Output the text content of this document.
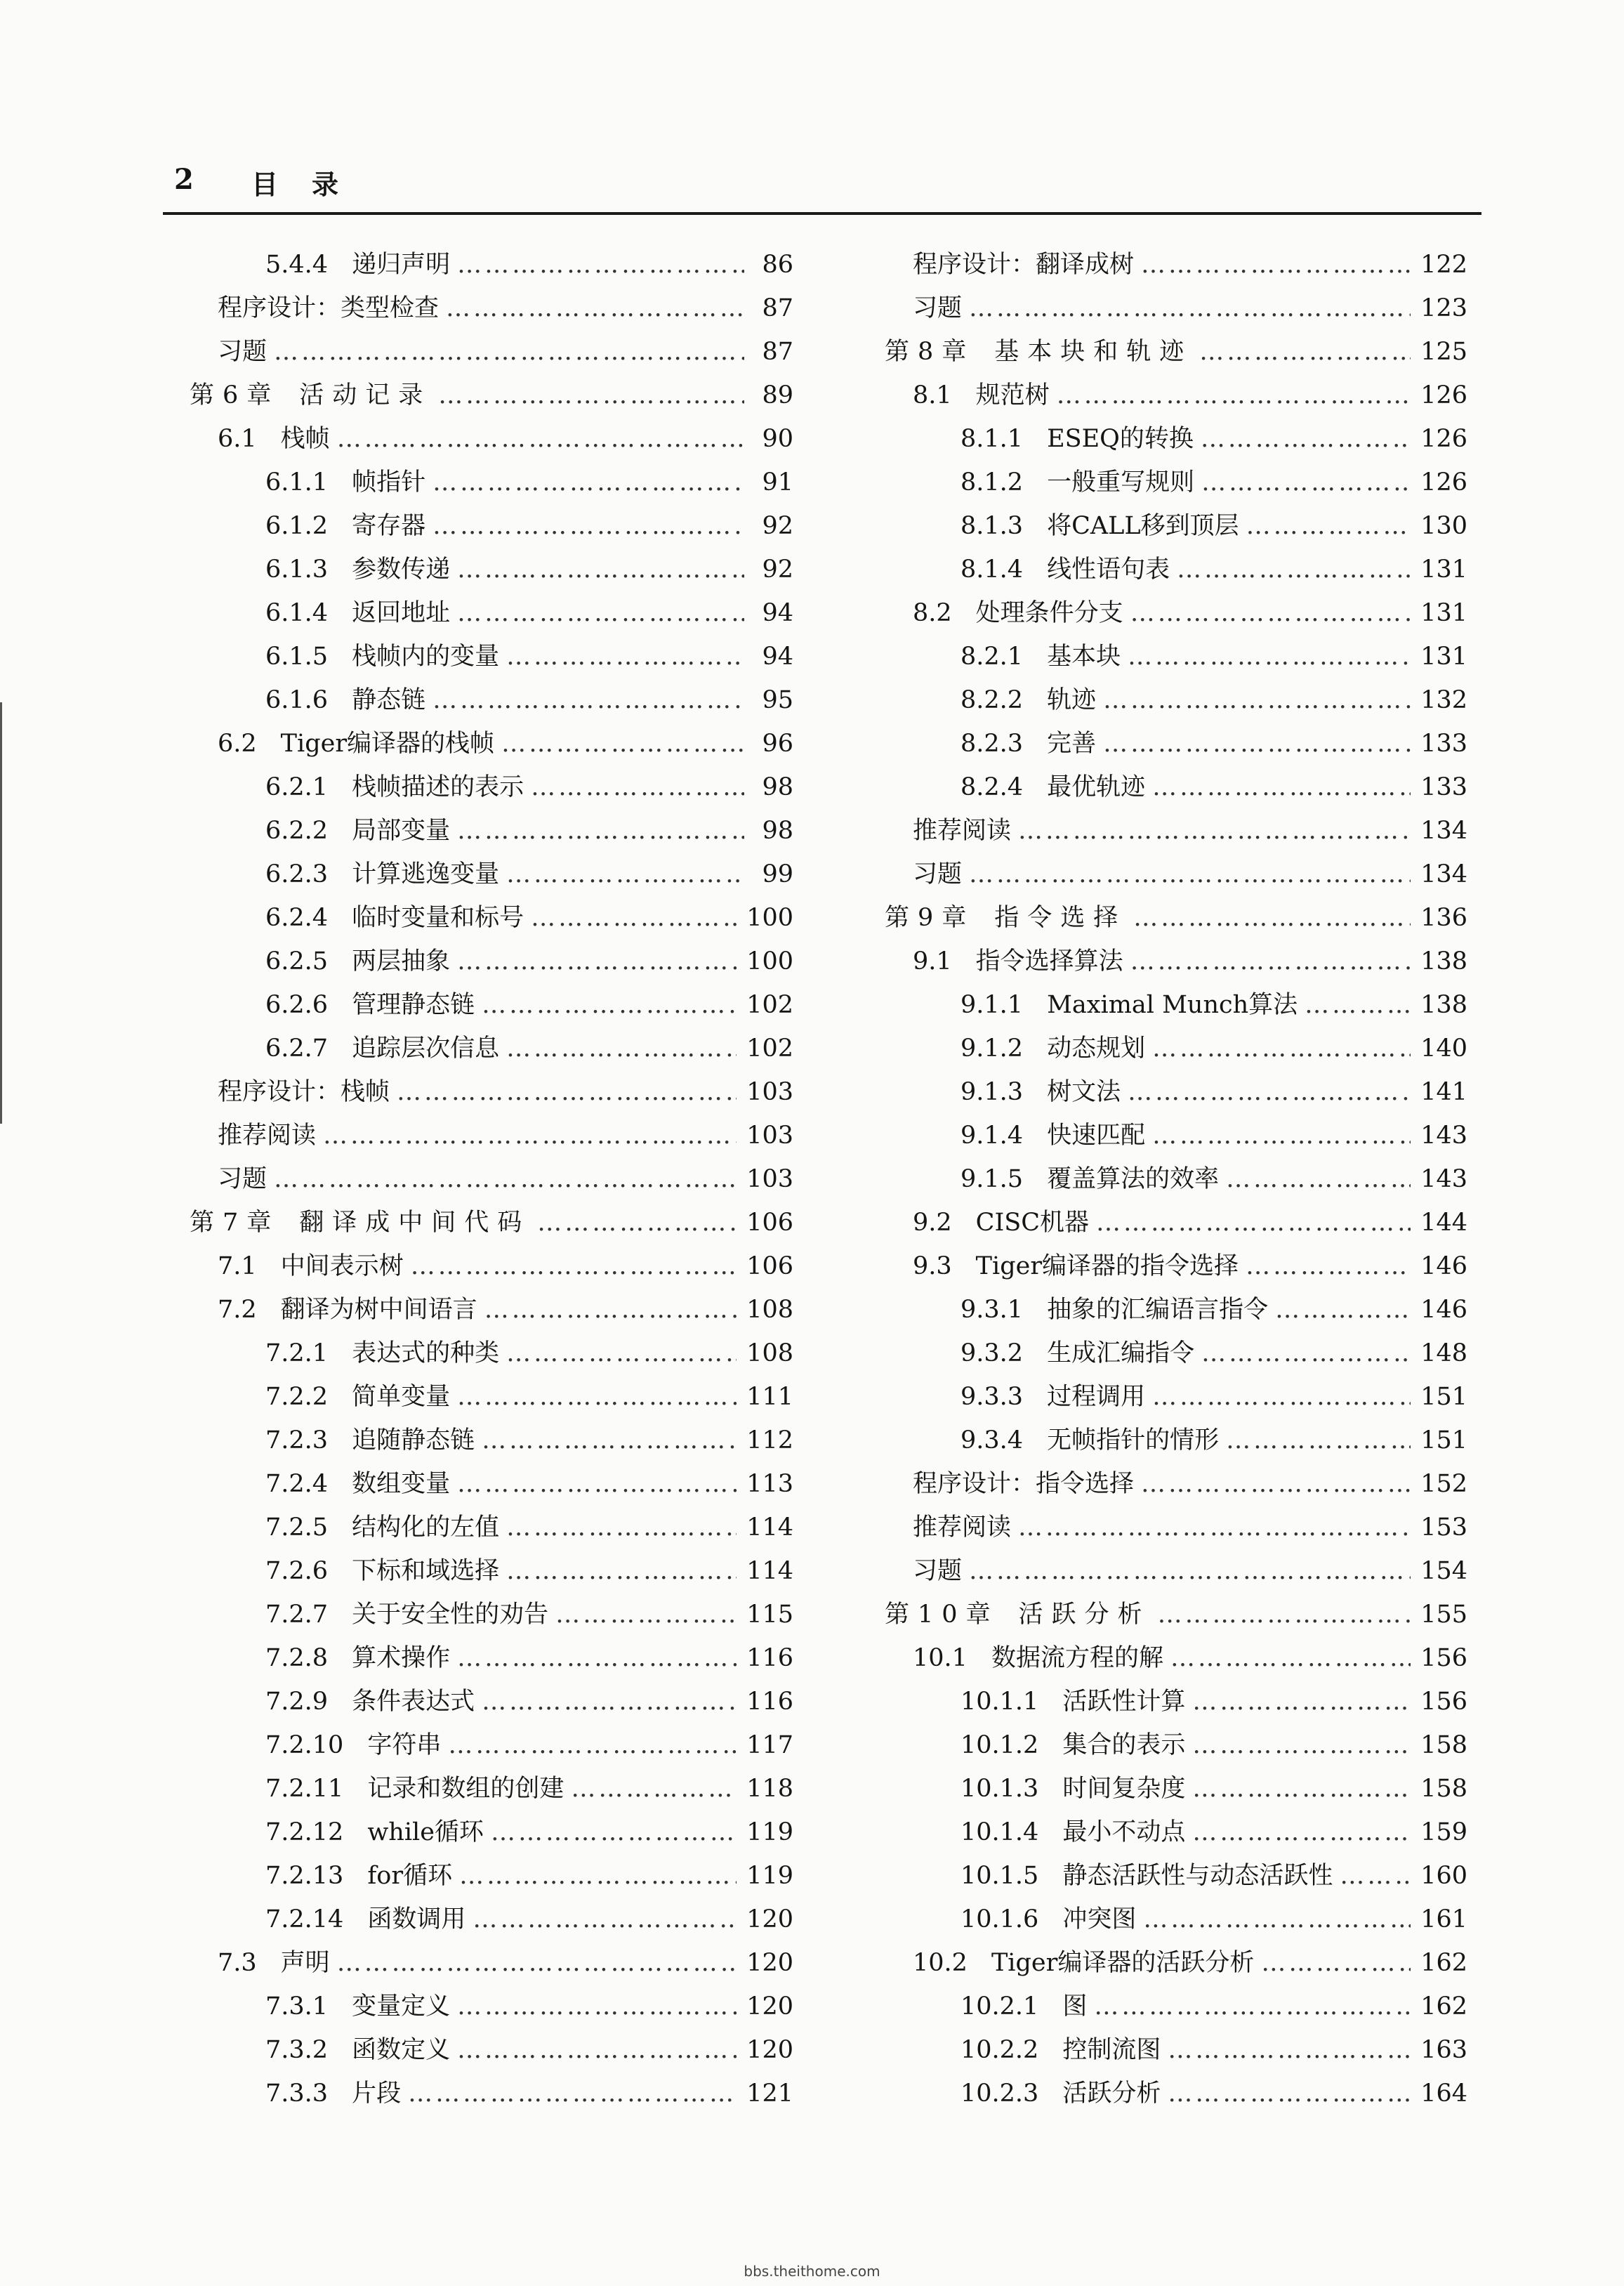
2 目录
5.4.4 递归声明 ………………………………………………………………………………………………………………………………………………	86
程序设计：类型检查 ………………………………………………………………………………………………………………………………………………	87
习题 ………………………………………………………………………………………………………………………………………………	87
第6章 活动记录 ………………………………………………………………………………………………………………………………………………	89
6.1 栈帧 ………………………………………………………………………………………………………………………………………………	90
6.1.1 帧指针 ………………………………………………………………………………………………………………………………………………	91
6.1.2 寄存器 ………………………………………………………………………………………………………………………………………………	92
6.1.3 参数传递 ………………………………………………………………………………………………………………………………………………	92
6.1.4 返回地址 ………………………………………………………………………………………………………………………………………………	94
6.1.5 栈帧内的变量 ………………………………………………………………………………………………………………………………………………	94
6.1.6 静态链 ………………………………………………………………………………………………………………………………………………	95
6.2 Tiger编译器的栈帧 ………………………………………………………………………………………………………………………………………………	96
6.2.1 栈帧描述的表示 ………………………………………………………………………………………………………………………………………………	98
6.2.2 局部变量 ………………………………………………………………………………………………………………………………………………	98
6.2.3 计算逃逸变量 ………………………………………………………………………………………………………………………………………………	99
6.2.4 临时变量和标号 ………………………………………………………………………………………………………………………………………………	100
6.2.5 两层抽象 ………………………………………………………………………………………………………………………………………………	100
6.2.6 管理静态链 ………………………………………………………………………………………………………………………………………………	102
6.2.7 追踪层次信息 ………………………………………………………………………………………………………………………………………………	102
程序设计：栈帧 ………………………………………………………………………………………………………………………………………………	103
推荐阅读 ………………………………………………………………………………………………………………………………………………	103
习题 ………………………………………………………………………………………………………………………………………………	103
第7章 翻译成中间代码 ………………………………………………………………………………………………………………………………………………	106
7.1 中间表示树 ………………………………………………………………………………………………………………………………………………	106
7.2 翻译为树中间语言 ………………………………………………………………………………………………………………………………………………	108
7.2.1 表达式的种类 ………………………………………………………………………………………………………………………………………………	108
7.2.2 简单变量 ………………………………………………………………………………………………………………………………………………	111
7.2.3 追随静态链 ………………………………………………………………………………………………………………………………………………	112
7.2.4 数组变量 ………………………………………………………………………………………………………………………………………………	113
7.2.5 结构化的左值 ………………………………………………………………………………………………………………………………………………	114
7.2.6 下标和域选择 ………………………………………………………………………………………………………………………………………………	114
7.2.7 关于安全性的劝告 ………………………………………………………………………………………………………………………………………………	115
7.2.8 算术操作 ………………………………………………………………………………………………………………………………………………	116
7.2.9 条件表达式 ………………………………………………………………………………………………………………………………………………	116
7.2.10 字符串 ………………………………………………………………………………………………………………………………………………	117
7.2.11 记录和数组的创建 ………………………………………………………………………………………………………………………………………………	118
7.2.12 while循环 ………………………………………………………………………………………………………………………………………………	119
7.2.13 for循环 ………………………………………………………………………………………………………………………………………………	119
7.2.14 函数调用 ………………………………………………………………………………………………………………………………………………	120
7.3 声明 ………………………………………………………………………………………………………………………………………………	120
7.3.1 变量定义 ………………………………………………………………………………………………………………………………………………	120
7.3.2 函数定义 ………………………………………………………………………………………………………………………………………………	120
7.3.3 片段 ………………………………………………………………………………………………………………………………………………	121
程序设计：翻译成树 ………………………………………………………………………………………………………………………………………………	122
习题 ………………………………………………………………………………………………………………………………………………	123
第8章 基本块和轨迹 ………………………………………………………………………………………………………………………………………………	125
8.1 规范树 ………………………………………………………………………………………………………………………………………………	126
8.1.1 ESEQ的转换 ………………………………………………………………………………………………………………………………………………	126
8.1.2 一般重写规则 ………………………………………………………………………………………………………………………………………………	126
8.1.3 将CALL移到顶层 ………………………………………………………………………………………………………………………………………………	130
8.1.4 线性语句表 ………………………………………………………………………………………………………………………………………………	131
8.2 处理条件分支 ………………………………………………………………………………………………………………………………………………	131
8.2.1 基本块 ………………………………………………………………………………………………………………………………………………	131
8.2.2 轨迹 ………………………………………………………………………………………………………………………………………………	132
8.2.3 完善 ………………………………………………………………………………………………………………………………………………	133
8.2.4 最优轨迹 ………………………………………………………………………………………………………………………………………………	133
推荐阅读 ………………………………………………………………………………………………………………………………………………	134
习题 ………………………………………………………………………………………………………………………………………………	134
第9章 指令选择 ………………………………………………………………………………………………………………………………………………	136
9.1 指令选择算法 ………………………………………………………………………………………………………………………………………………	138
9.1.1 Maximal Munch算法 ………………………………………………………………………………………………………………………………………………	138
9.1.2 动态规划 ………………………………………………………………………………………………………………………………………………	140
9.1.3 树文法 ………………………………………………………………………………………………………………………………………………	141
9.1.4 快速匹配 ………………………………………………………………………………………………………………………………………………	143
9.1.5 覆盖算法的效率 ………………………………………………………………………………………………………………………………………………	143
9.2 CISC机器 ………………………………………………………………………………………………………………………………………………	144
9.3 Tiger编译器的指令选择 ………………………………………………………………………………………………………………………………………………	146
9.3.1 抽象的汇编语言指令 ………………………………………………………………………………………………………………………………………………	146
9.3.2 生成汇编指令 ………………………………………………………………………………………………………………………………………………	148
9.3.3 过程调用 ………………………………………………………………………………………………………………………………………………	151
9.3.4 无帧指针的情形 ………………………………………………………………………………………………………………………………………………	151
程序设计：指令选择 ………………………………………………………………………………………………………………………………………………	152
推荐阅读 ………………………………………………………………………………………………………………………………………………	153
习题 ………………………………………………………………………………………………………………………………………………	154
第10章 活跃分析 ………………………………………………………………………………………………………………………………………………	155
10.1 数据流方程的解 ………………………………………………………………………………………………………………………………………………	156
10.1.1 活跃性计算 ………………………………………………………………………………………………………………………………………………	156
10.1.2 集合的表示 ………………………………………………………………………………………………………………………………………………	158
10.1.3 时间复杂度 ………………………………………………………………………………………………………………………………………………	158
10.1.4 最小不动点 ………………………………………………………………………………………………………………………………………………	159
10.1.5 静态活跃性与动态活跃性 ………………………………………………………………………………………………………………………………………………	160
10.1.6 冲突图 ………………………………………………………………………………………………………………………………………………	161
10.2 Tiger编译器的活跃分析 ………………………………………………………………………………………………………………………………………………	162
10.2.1 图 ………………………………………………………………………………………………………………………………………………	162
10.2.2 控制流图 ………………………………………………………………………………………………………………………………………………	163
10.2.3 活跃分析 ………………………………………………………………………………………………………………………………………………	164
bbs.theithome.com
